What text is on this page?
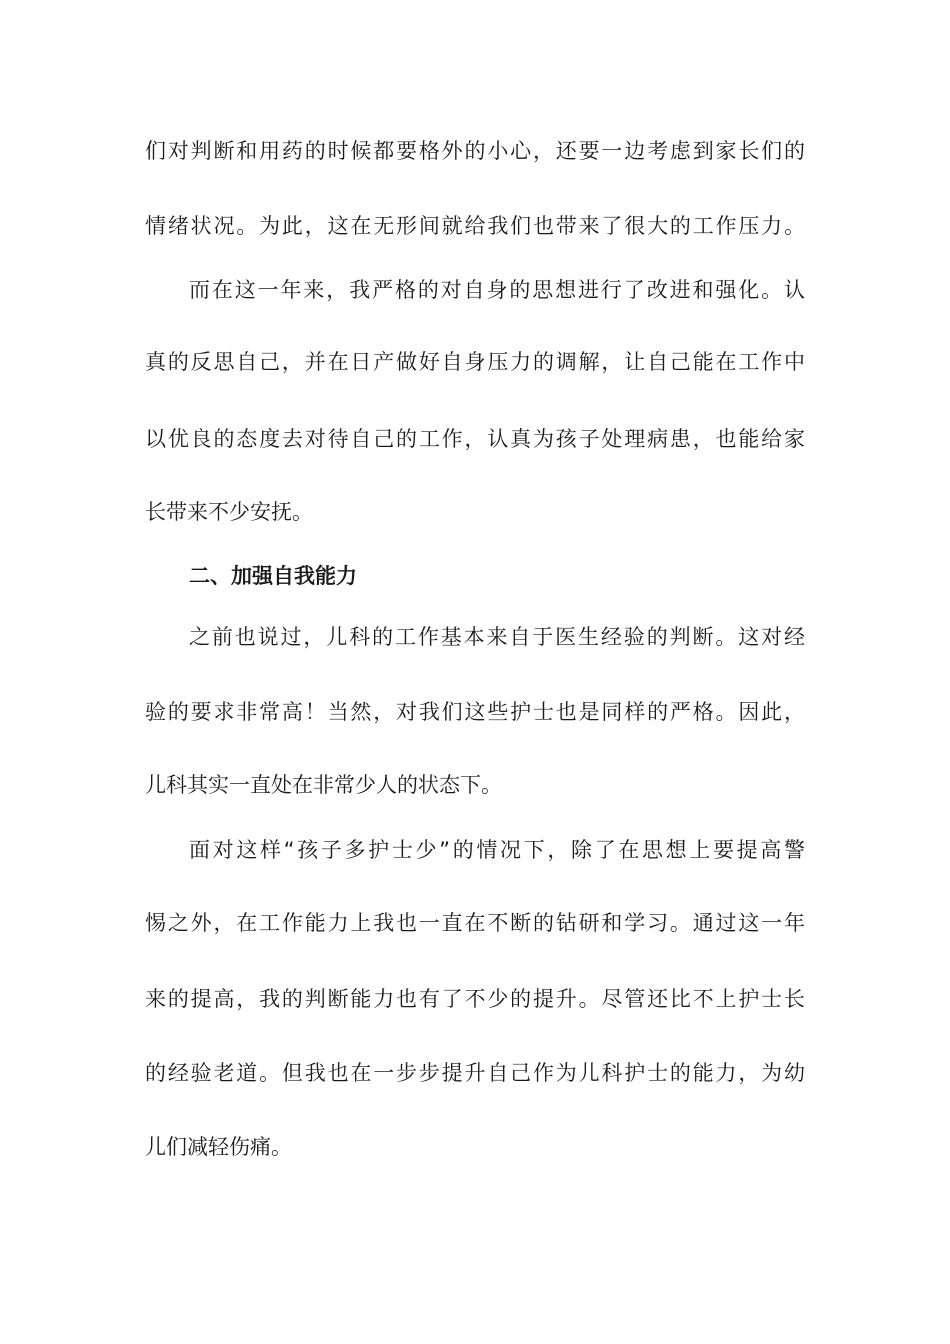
们对判断和用药的时候都要格外的小心，还要一边考虑到家长们的
情绪状况。为此，这在无形间就给我们也带来了很大的工作压力。
而在这一年来，我严格的对自身的思想进行了改进和强化。认
真的反思自己，并在日产做好自身压力的调解，让自己能在工作中
以优良的态度去对待自己的工作，认真为孩子处理病患，也能给家
长带来不少安抚。
二、加强自我能力
之前也说过，儿科的工作基本来自于医生经验的判断。这对经
验的要求非常高！当然，对我们这些护士也是同样的严格。因此，
儿科其实一直处在非常少人的状态下。
面对这样“孩子多护士少”的情况下，除了在思想上要提高警
惕之外，在工作能力上我也一直在不断的钻研和学习。通过这一年
来的提高，我的判断能力也有了不少的提升。尽管还比不上护士长
的经验老道。但我也在一步步提升自己作为儿科护士的能力，为幼
儿们减轻伤痛。
